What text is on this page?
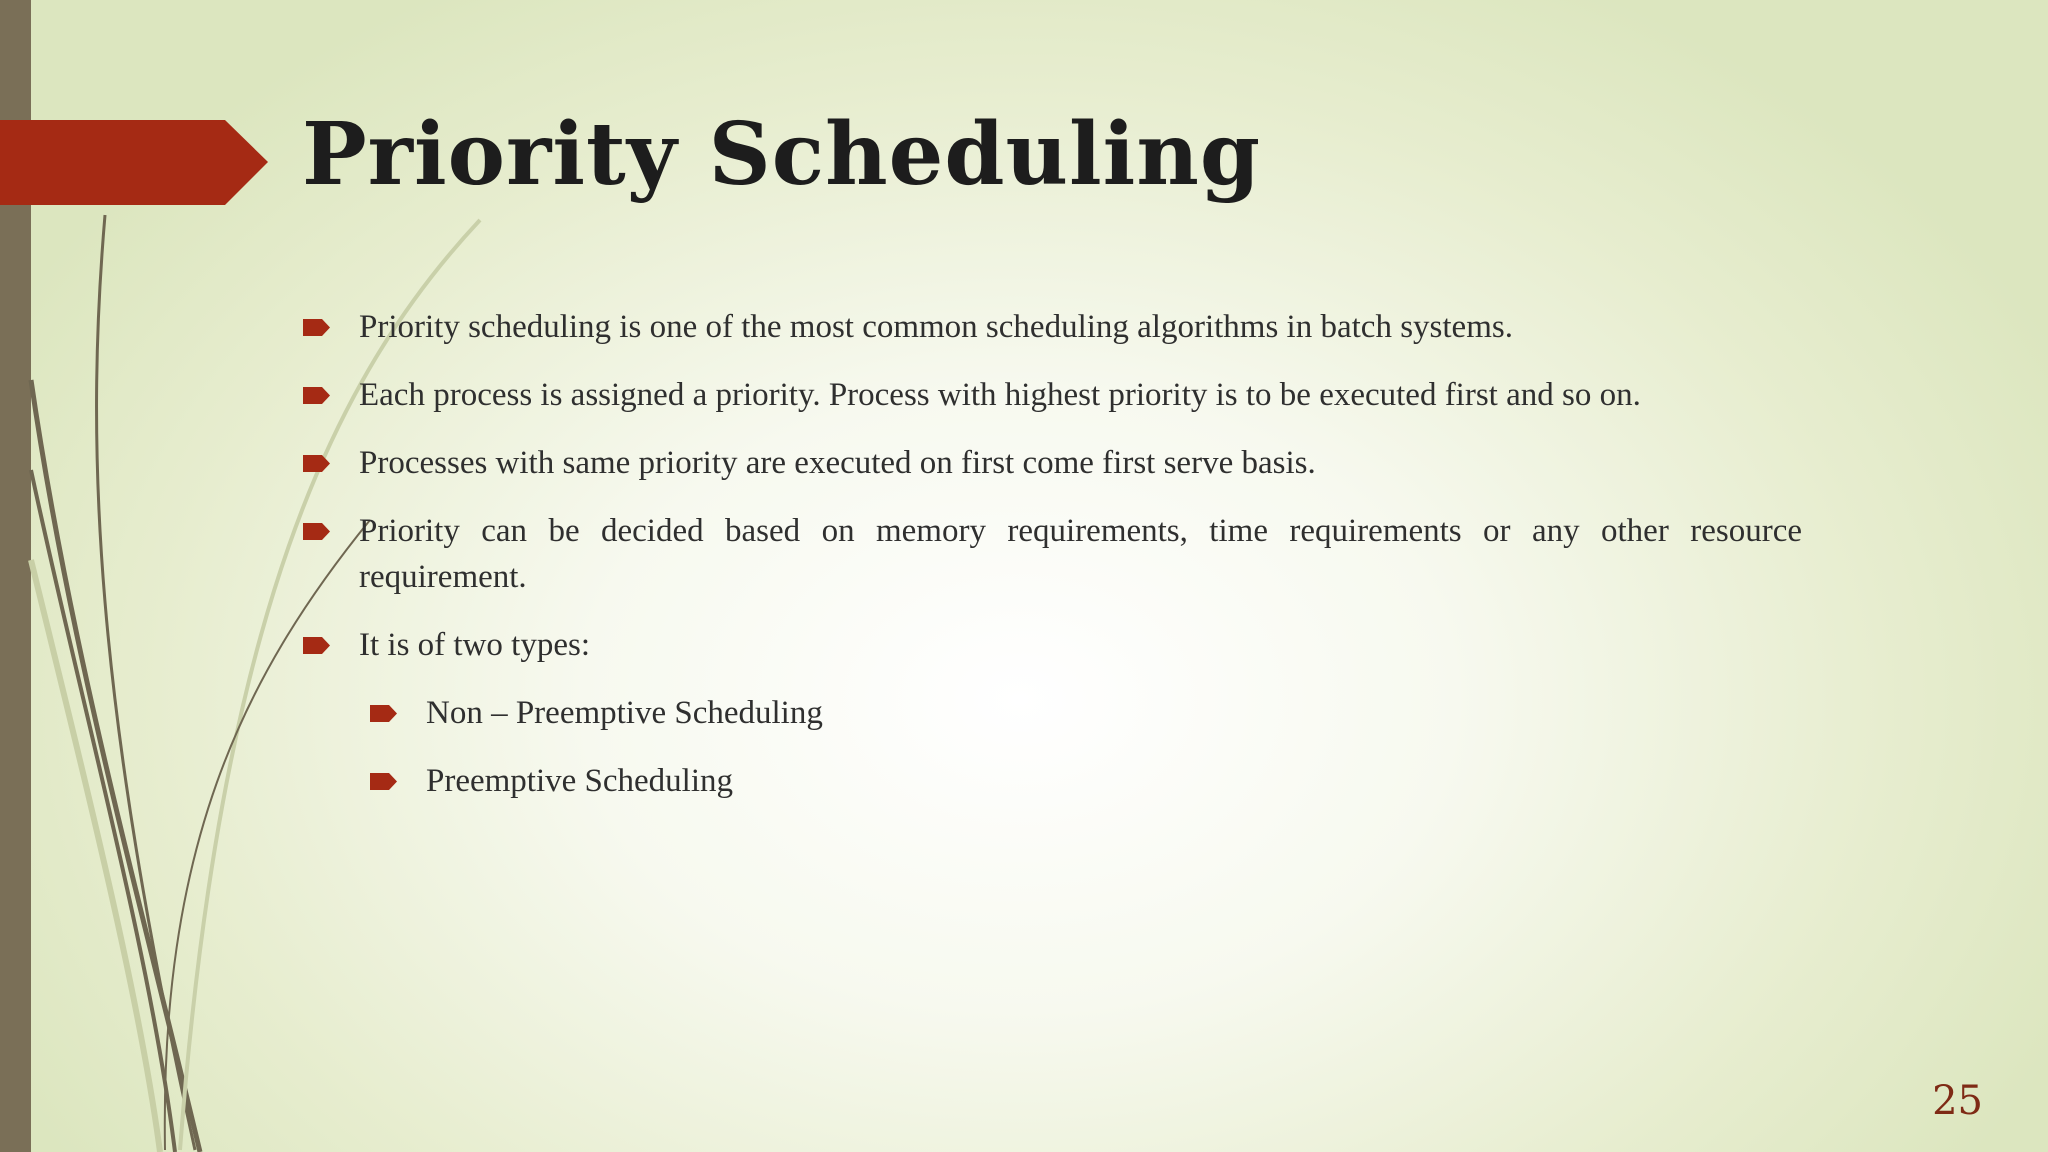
Priority Scheduling
Priority scheduling is one of the most common scheduling algorithms in batch systems.
Each process is assigned a priority. Process with highest priority is to be executed first and so on.
Processes with same priority are executed on first come first serve basis.
Priority can be decided based on memory requirements, time requirements or any other resource requirement.
It is of two types:
Non – Preemptive Scheduling
Preemptive Scheduling
25
